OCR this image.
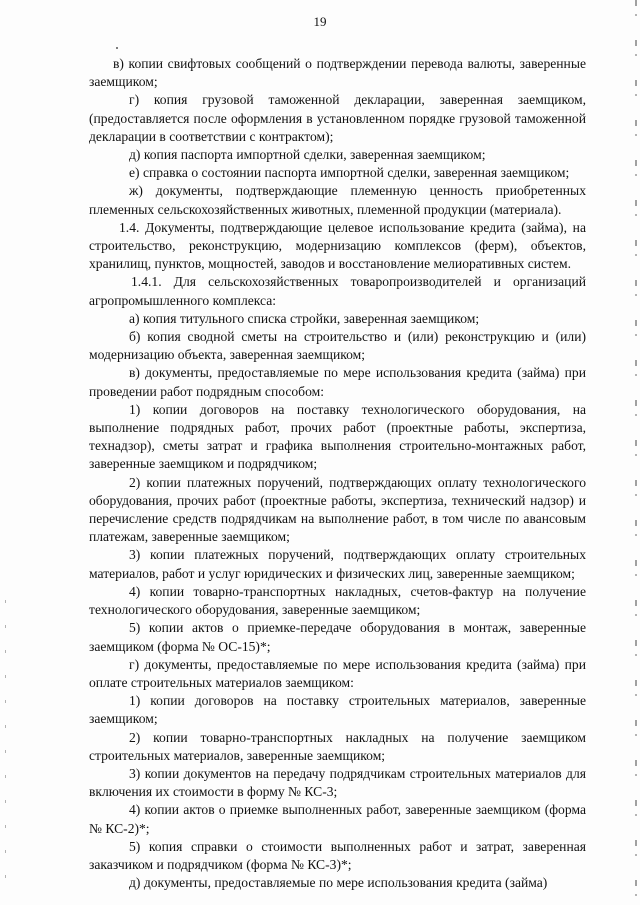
19

в) копии свифтовых сообщений о подтверждении перевода валюты, заверенные заемщиком;

г) копия грузовой таможенной декларации, заверенная заемщиком, (предоставляется после оформления в установленном порядке грузовой таможенной декларации в соответствии с контрактом);

д) копия паспорта импортной сделки, заверенная заемщиком;

е) справка о состоянии паспорта импортной сделки, заверенная заемщиком;

ж) документы, подтверждающие племенную ценность приобретенных племенных сельскохозяйственных животных, племенной продукции (материала).

1.4. Документы, подтверждающие целевое использование кредита (займа), на строительство, реконструкцию, модернизацию комплексов (ферм), объектов, хранилищ, пунктов, мощностей, заводов и восстановление мелиоративных систем.

1.4.1. Для сельскохозяйственных товаропроизводителей и организаций агропромышленного комплекса:

а) копия титульного списка стройки, заверенная заемщиком;

б) копия сводной сметы на строительство и (или) реконструкцию и (или) модернизацию объекта, заверенная заемщиком;

в) документы, предоставляемые по мере использования кредита (займа) при проведении работ подрядным способом:

1) копии договоров на поставку технологического оборудования, на выполнение подрядных работ, прочих работ (проектные работы, экспертиза, технадзор), сметы затрат и графика выполнения строительно-монтажных работ, заверенные заемщиком и подрядчиком;

2) копии платежных поручений, подтверждающих оплату технологического оборудования, прочих работ (проектные работы, экспертиза, технический надзор) и перечисление средств подрядчикам на выполнение работ, в том числе по авансовым платежам, заверенные заемщиком;

3) копии платежных поручений, подтверждающих оплату строительных материалов, работ и услуг юридических и физических лиц, заверенные заемщиком;

4) копии товарно-транспортных накладных, счетов-фактур на получение технологического оборудования, заверенные заемщиком;

5) копии актов о приемке-передаче оборудования в монтаж, заверенные заемщиком (форма № ОС-15)*;

г) документы, предоставляемые по мере использования кредита (займа) при оплате строительных материалов заемщиком:

1) копии договоров на поставку строительных материалов, заверенные заемщиком;

2) копии товарно-транспортных накладных на получение заемщиком строительных материалов, заверенные заемщиком;

3) копии документов на передачу подрядчикам строительных материалов для включения их стоимости в форму № КС-3;

4) копии актов о приемке выполненных работ, заверенные заемщиком (форма № КС-2)*;

5) копия справки о стоимости выполненных работ и затрат, заверенная заказчиком и подрядчиком (форма № КС-3)*;

д) документы, предоставляемые по мере использования кредита (займа)
